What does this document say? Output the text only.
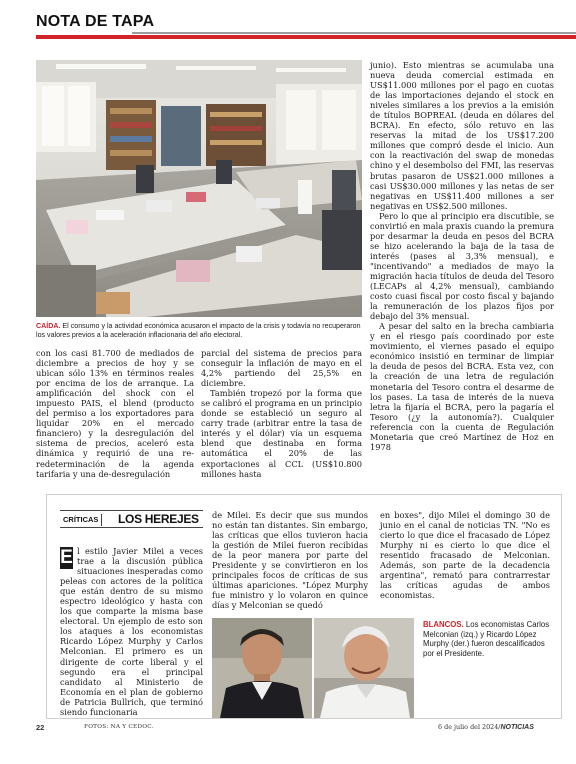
NOTA DE TAPA
CAÍDA. El consumo y la actividad económica acusaron el impacto de la crisis y todavía no recuperaron los valores previos a la aceleración inflacionaria del año electoral.

junio). Esto mientras se acumulaba una nueva deuda comercial estimada en US$11.000 millones por el pago en cuotas de las importaciones dejando el stock en niveles similares a los previos a la emisión de títulos BOPREAL (deuda en dólares del BCRA). En efecto, sólo retuvo en las reservas la mitad de los US$17.200 millones que compró desde el inicio. Aun con la reactivación del swap de monedas chino y el desembolso del FMI, las reservas brutas pasaron de US$21.000 millones a casi US$30.000 millones y las netas de ser negativas en US$11.400 millones a ser negativas en US$2.500 millones.

Pero lo que al principio era discutible, se convirtió en mala praxis cuando la premura por desarmar la deuda en pesos del BCRA se hizo acelerando la baja de la tasa de interés (pases al 3,3% mensual), e "incentivando" a mediados de mayo la migración hacia títulos de deuda del Tesoro (LECAPs al 4,2% mensual), cambiando costo cuasi fiscal por costo fiscal y bajando la remuneración de los plazos fijos por debajo del 3% mensual.

A pesar del salto en la brecha cambiaria y en el riesgo país coordinado por este movimiento, el viernes pasado el equipo económico insistió en terminar de limpiar la deuda de pesos del BCRA. Esta vez, con la creación de una letra de regulación monetaria del Tesoro contra el desarme de los pases. La tasa de interés de la nueva letra la fijaría el BCRA, pero la pagaría el Tesoro (¿y la autonomía?). Cualquier referencia con la cuenta de Regulación Monetaria que creó Martínez de Hoz en 1978

con los casi 81.700 de mediados de diciembre a precios de hoy y se ubican sólo 13% en términos reales por encima de los de arranque. La amplificación del shock con el impuesto PAIS, el blend (producto del permiso a los exportadores para liquidar 20% en el mercado financiero) y la desregulación del sistema de precios, aceleró esta dinámica y requirió de una re-redeterminación de la agenda tarifaria y una de-desregulación

parcial del sistema de precios para conseguir la inflación de mayo en el 4,2% partiendo del 25,5% en diciembre.

También tropezó por la forma que se calibró el programa en un principio donde se estableció un seguro al carry trade (arbitrar entre la tasa de interés y el dólar) vía un esquema blend que destinaba en forma automática el 20% de las exportaciones al CCL (US$10.800 millones hasta

CRÍTICAS	LOS HEREJES

E l estilo Javier Milei a veces trae a la discusión pública situaciones inesperadas como peleas con actores de la política que están dentro de su mismo espectro ideológico y hasta con los que comparte la misma base electoral. Un ejemplo de esto son los ataques a los economistas Ricardo López Murphy y Carlos Melconian. El primero es un dirigente de corte liberal y el segundo era el principal candidato al Ministerio de Economía en el plan de gobierno de Patricia Bullrich, que terminó siendo funcionaria

de Milei. Es decir que sus mundos no están tan distantes. Sin embargo, las críticas que ellos tuvieron hacia la gestión de Milei fueron recibidas de la peor manera por parte del Presidente y se convirtieron en los principales focos de críticas de sus últimas apariciones. "López Murphy fue ministro y lo volaron en quince días y Melconian se quedó

en boxes", dijo Milei el domingo 30 de junio en el canal de noticias TN. "No es cierto lo que dice el fracasado de López Murphy ni es cierto lo que dice el resentido fracasado de Melconian. Además, son parte de la decadencia argentina", remató para contrarrestar las críticas agudas de ambos economistas.

BLANCOS. Los economistas Carlos Melconian (izq.) y Ricardo López Murphy (der.) fueron descalificados por el Presidente.
22	FOTOS: NA Y CEDOC.	6 de julio del 2024/NOTICIAS
